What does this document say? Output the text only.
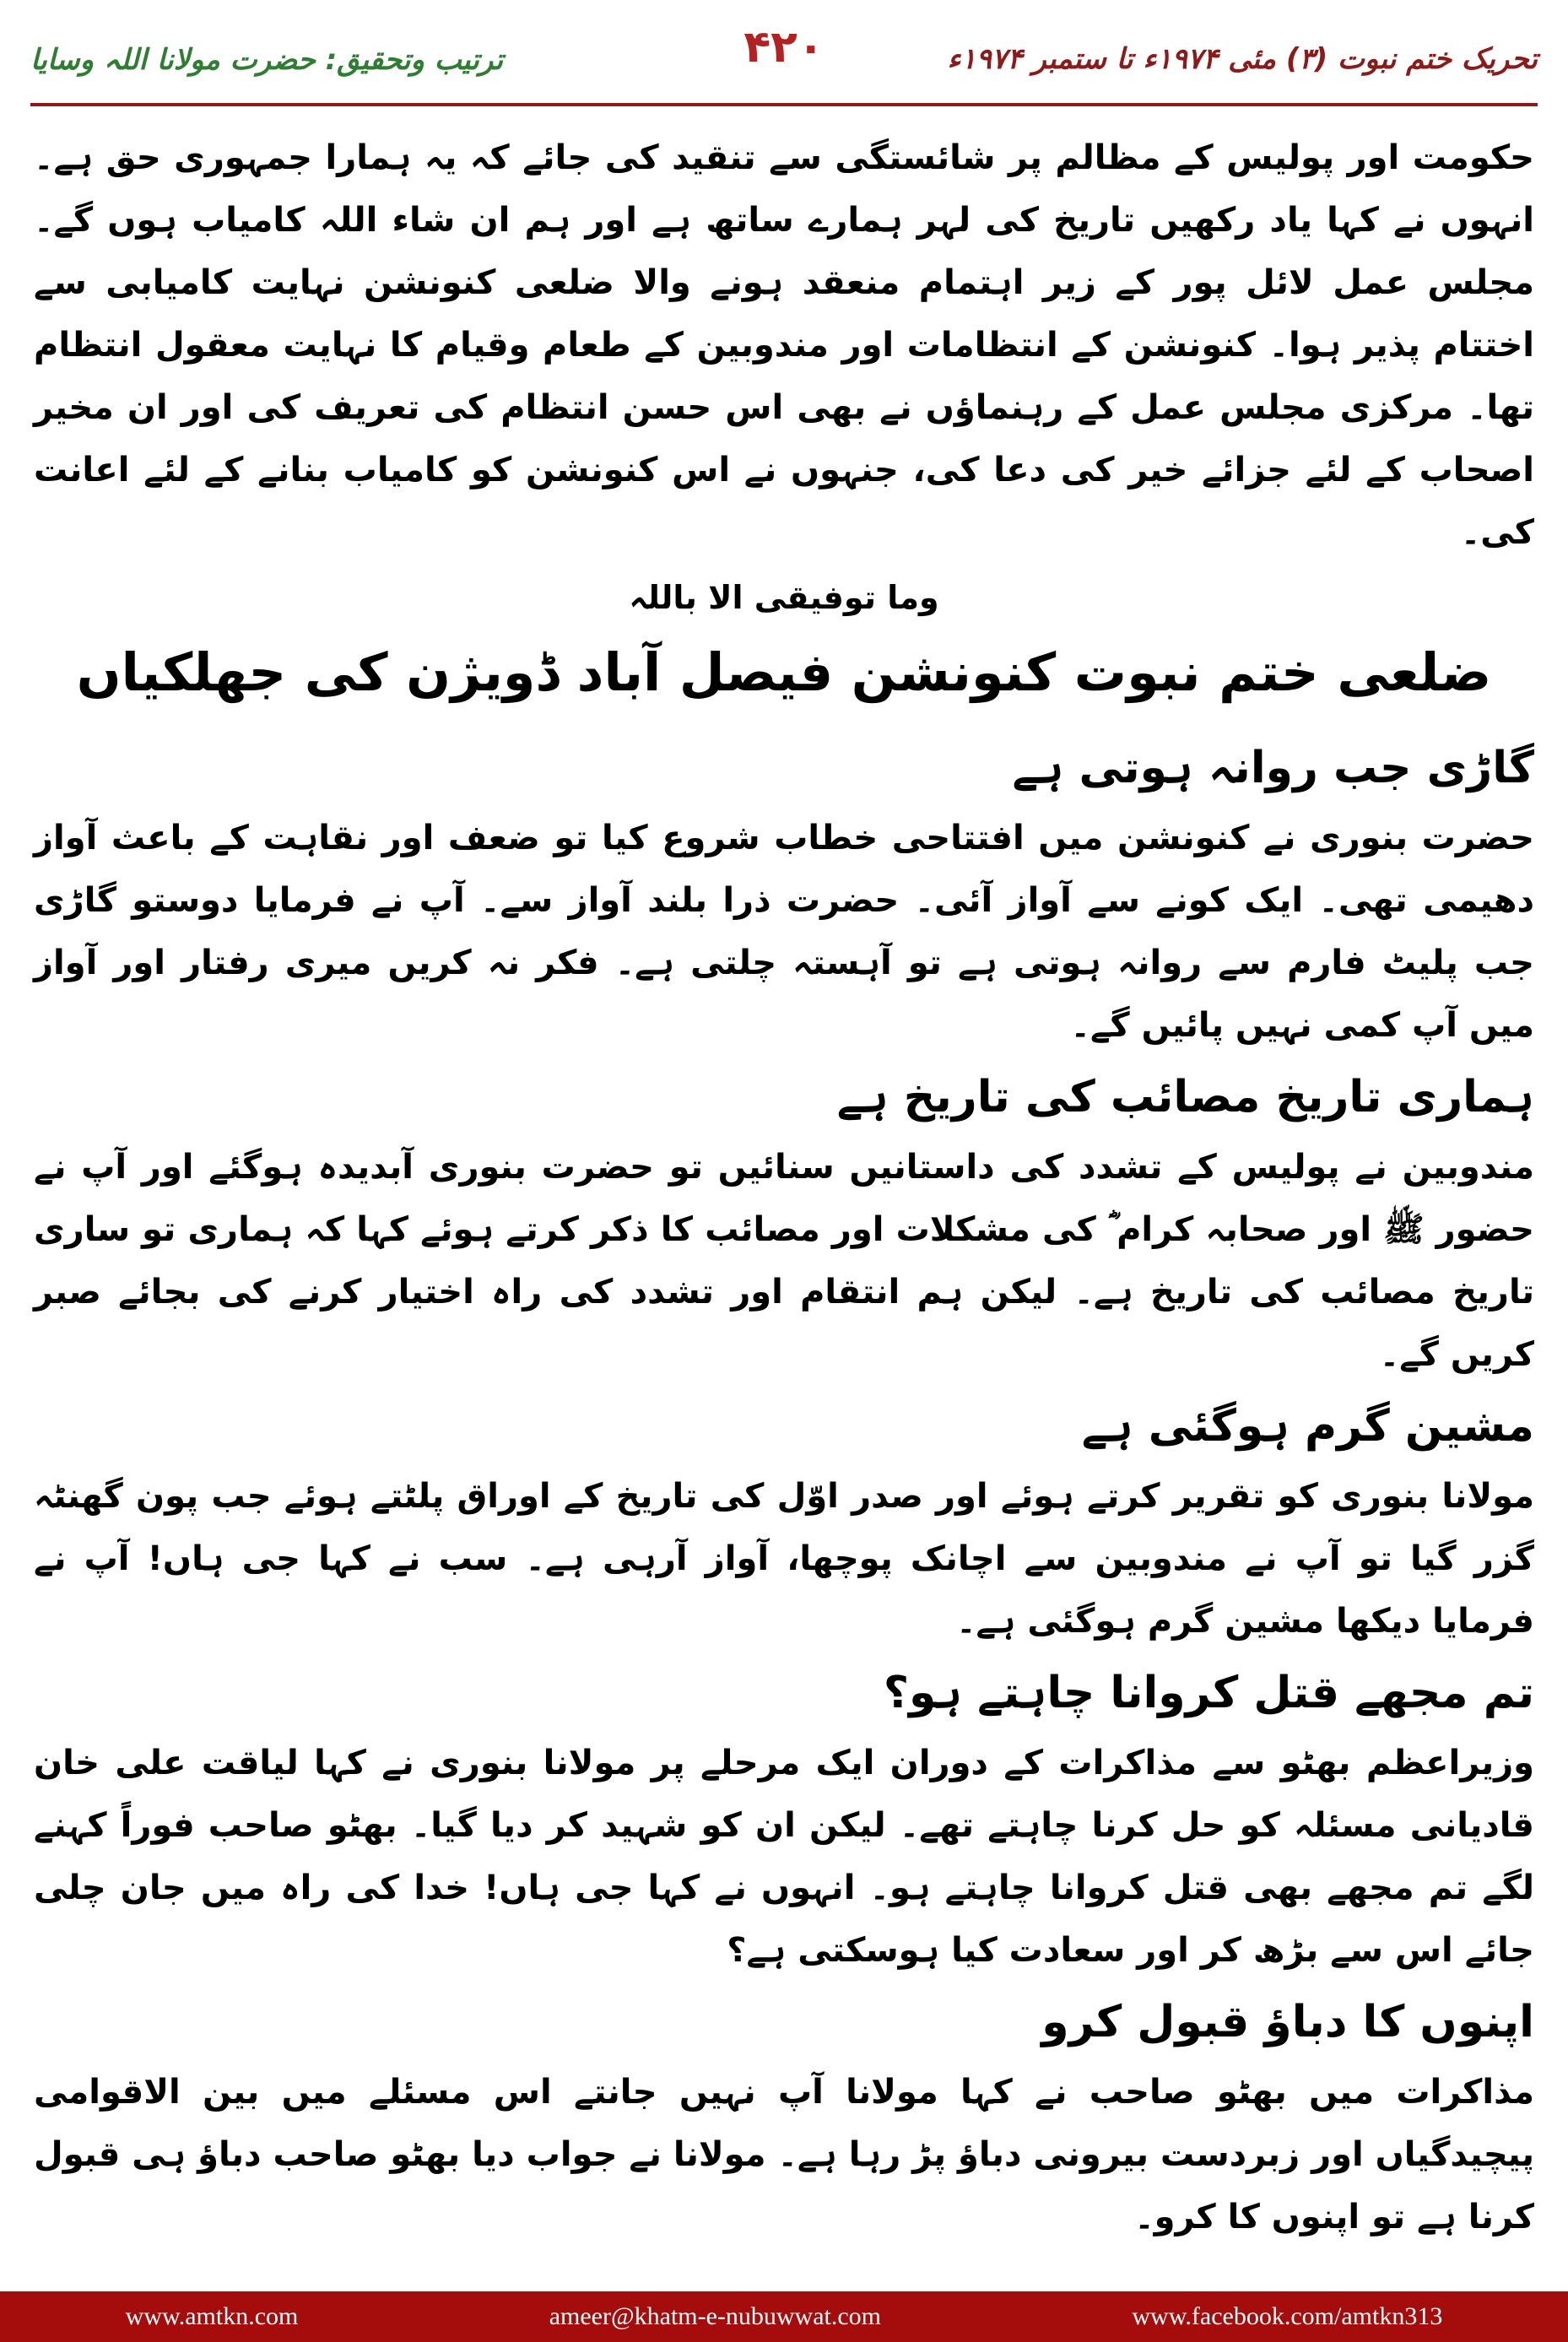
تحریک ختم نبوت (۳) مئی ۱۹۷۴ء تا ستمبر ۱۹۷۴ء
۴۲۰
ترتیب وتحقیق: حضرت مولانا اللہ وسایا

حکومت اور پولیس کے مظالم پر شائستگی سے تنقید کی جائے کہ یہ ہمارا جمہوری حق ہے۔ انہوں نے کہا یاد رکھیں تاریخ کی لہر ہمارے ساتھ ہے اور ہم ان شاء اللہ کامیاب ہوں گے۔ مجلس عمل لائل پور کے زیر اہتمام منعقد ہونے والا ضلعی کنونشن نہایت کامیابی سے اختتام پذیر ہوا۔ کنونشن کے انتظامات اور مندوبین کے طعام وقیام کا نہایت معقول انتظام تھا۔ مرکزی مجلس عمل کے رہنماؤں نے بھی اس حسن انتظام کی تعریف کی اور ان مخیر اصحاب کے لئے جزائے خیر کی دعا کی، جنہوں نے اس کنونشن کو کامیاب بنانے کے لئے اعانت کی۔

وما توفیقی الا باللہ
ضلعی ختم نبوت کنونشن فیصل آباد ڈویژن کی جھلکیاں
گاڑی جب روانہ ہوتی ہے

حضرت بنوری نے کنونشن میں افتتاحی خطاب شروع کیا تو ضعف اور نقاہت کے باعث آواز دھیمی تھی۔ ایک کونے سے آواز آئی۔ حضرت ذرا بلند آواز سے۔ آپ نے فرمایا دوستو گاڑی جب پلیٹ فارم سے روانہ ہوتی ہے تو آہستہ چلتی ہے۔ فکر نہ کریں میری رفتار اور آواز میں آپ کمی نہیں پائیں گے۔

ہماری تاریخ مصائب کی تاریخ ہے

مندوبین نے پولیس کے تشدد کی داستانیں سنائیں تو حضرت بنوری آبدیدہ ہوگئے اور آپ نے حضور ﷺ اور صحابہ کرام ؓ کی مشکلات اور مصائب کا ذکر کرتے ہوئے کہا کہ ہماری تو ساری تاریخ مصائب کی تاریخ ہے۔ لیکن ہم انتقام اور تشدد کی راہ اختیار کرنے کی بجائے صبر کریں گے۔

مشین گرم ہوگئی ہے

مولانا بنوری کو تقریر کرتے ہوئے اور صدر اوّل کی تاریخ کے اوراق پلٹتے ہوئے جب پون گھنٹہ گزر گیا تو آپ نے مندوبین سے اچانک پوچھا، آواز آرہی ہے۔ سب نے کہا جی ہاں! آپ نے فرمایا دیکھا مشین گرم ہوگئی ہے۔

تم مجھے قتل کروانا چاہتے ہو؟

وزیراعظم بھٹو سے مذاکرات کے دوران ایک مرحلے پر مولانا بنوری نے کہا لیاقت علی خان قادیانی مسئلہ کو حل کرنا چاہتے تھے۔ لیکن ان کو شہید کر دیا گیا۔ بھٹو صاحب فوراً کہنے لگے تم مجھے بھی قتل کروانا چاہتے ہو۔ انہوں نے کہا جی ہاں! خدا کی راہ میں جان چلی جائے اس سے بڑھ کر اور سعادت کیا ہوسکتی ہے؟

اپنوں کا دباؤ قبول کرو

مذاکرات میں بھٹو صاحب نے کہا مولانا آپ نہیں جانتے اس مسئلے میں بین الاقوامی پیچیدگیاں اور زبردست بیرونی دباؤ پڑ رہا ہے۔ مولانا نے جواب دیا بھٹو صاحب دباؤ ہی قبول کرنا ہے تو اپنوں کا کرو۔

www.amtkn.com	ameer@khatm-e-nubuwwat.com	www.facebook.com/amtkn313
